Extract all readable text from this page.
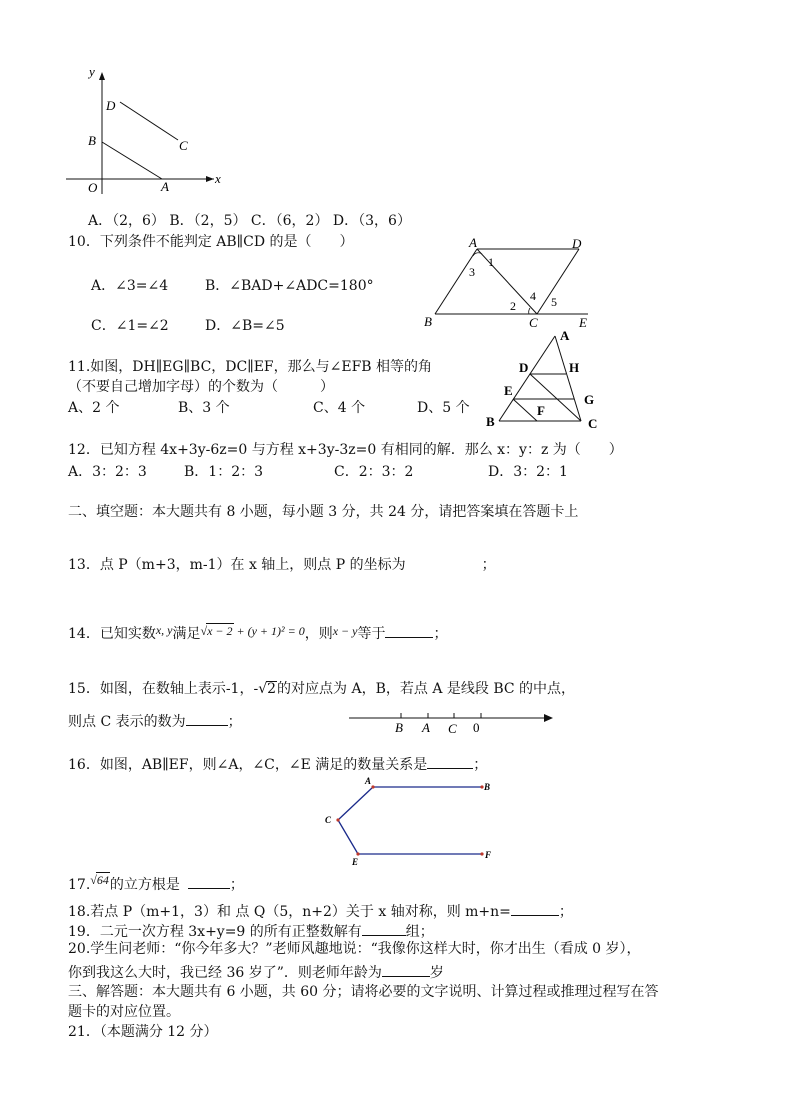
y
x
O
D
C
B
A
A．（2，6） B．（2，5） C．（6，2） D．（3，6）
10．下列条件不能判定 AB∥CD 的是（　　）
A．∠3=∠4	B．∠BAD+∠ADC=180°
C．∠1=∠2	D．∠B=∠5
A	D
B	C	E
1
3
2
4 5
11.如图，DH∥EG∥BC，DC∥EF，那么与∠EFB 相等的角
（不要自己增加字母）的个数为（　　　）
A、2 个	B、3 个	C、4 个	D、5 个
A
D	H
E
G
F
B	C
12．已知方程 4x+3y-6z=0 与方程 x+3y-3z=0 有相同的解．那么 x：y：z 为（　　）
A．3：2：3	B．1：2：3	C．2：3：2	D．3：2：1
二、填空题：本大题共有 8 小题，每小题 3 分，共 24 分，请把答案填在答题卡上
13．点 P（m+3，m-1）在 x 轴上，则点 P 的坐标为	；
14．已知实数x, y满足√x − 2 + (y + 1)² = 0，则x − y等于	；
15．如图，在数轴上表示-1，-√2的对应点为 A，B，若点 A 是线段 BC 的中点，
则点 C 表示的数为	；	B A C 0
16．如图，AB∥EF，则∠A，∠C，∠E 满足的数量关系是	；
A
B
C
E
F
17.√64的立方根是	；
18.若点 P（m+1，3）和 点 Q（5，n+2）关于 x 轴对称，则 m+n=	；
19．二元一次方程 3x+y=9 的所有正整数解有	组；
20.学生问老师：“你今年多大？”老师风趣地说：“我像你这样大时，你才出生（看成 0 岁），
你到我这么大时，我已经 36 岁了”．则老师年龄为	岁
三、解答题：本大题共有 6 小题，共 60 分；请将必要的文字说明、计算过程或推理过程写在答
题卡的对应位置。
21．（本题满分 12 分）
